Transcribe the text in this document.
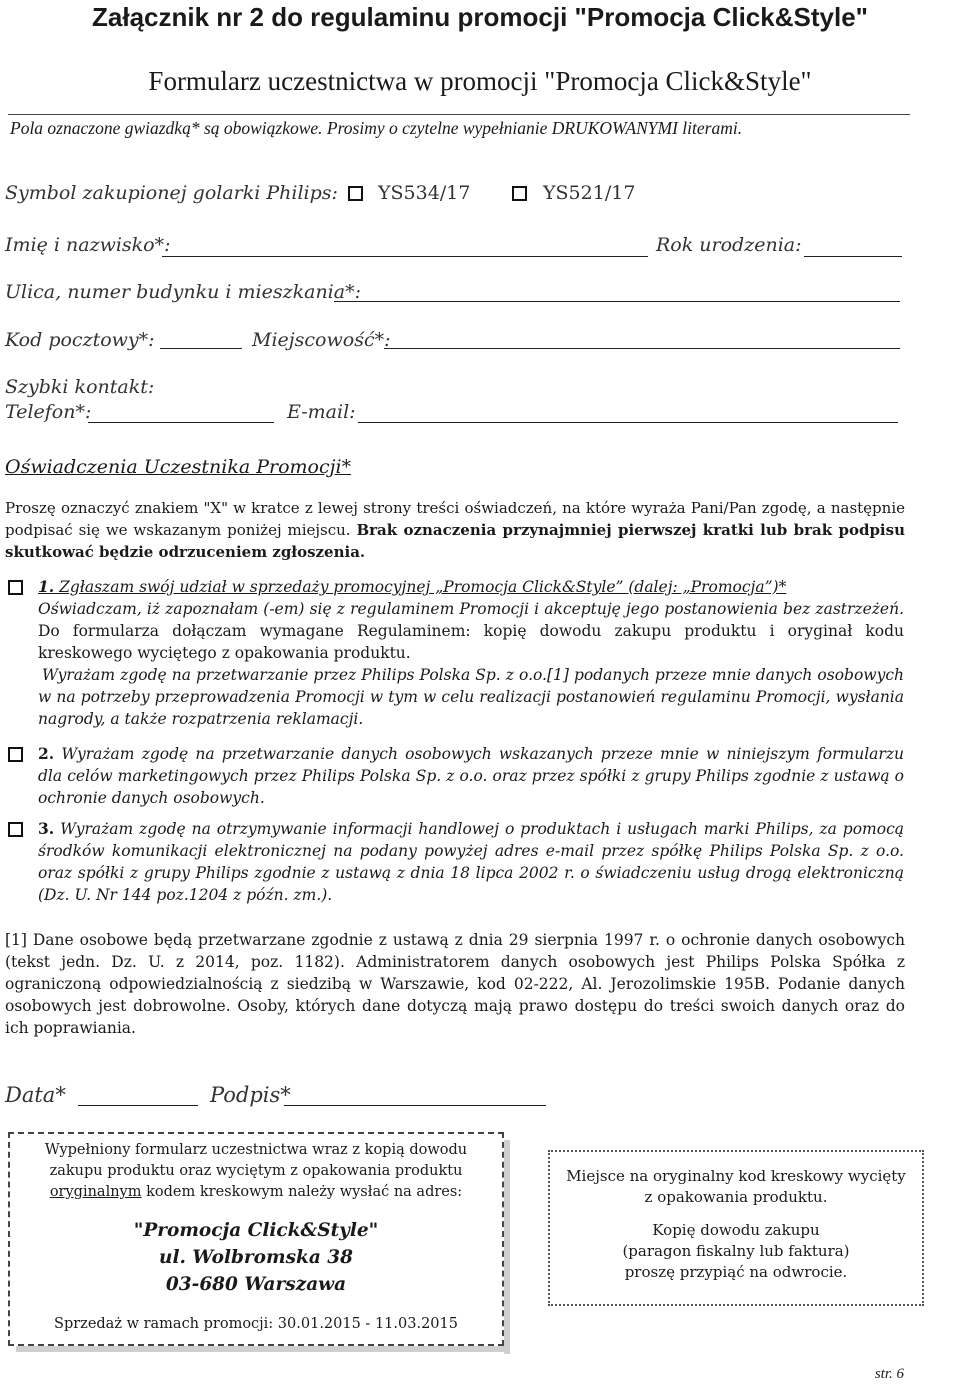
Załącznik nr 2 do regulaminu promocji "Promocja Click&Style"
Formularz uczestnictwa w promocji "Promocja Click&Style"
Pola oznaczone gwiazdką* są obowiązkowe. Prosimy o czytelne wypełnianie DRUKOWANYMI literami.
Symbol zakupionej golarki Philips: YS534/17	YS521/17
Imię i nazwisko*:	Rok urodzenia:
Ulica, numer budynku i mieszkania*:
Kod pocztowy*:	Miejscowość*:
Szybki kontakt:
Telefon*:	E-mail:
Oświadczenia Uczestnika Promocji*
Proszę oznaczyć znakiem "X" w kratce z lewej strony treści oświadczeń, na które wyraża Pani/Pan zgodę, a następnie podpisać się we wskazanym poniżej miejscu. Brak oznaczenia przynajmniej pierwszej kratki lub brak podpisu skutkować będzie odrzuceniem zgłoszenia.
1. Zgłaszam swój udział w sprzedaży promocyjnej „Promocja Click&Style” (dalej: „Promocja”)*
Oświadczam, iż zapoznałam (-em) się z regulaminem Promocji i akceptuję jego postanowienia bez zastrzeżeń. Do formularza dołączam wymagane Regulaminem: kopię dowodu zakupu produktu i oryginał kodu kreskowego wyciętego z opakowania produktu.
Wyrażam zgodę na przetwarzanie przez Philips Polska Sp. z o.o.[1] podanych przeze mnie danych osobowych w na potrzeby przeprowadzenia Promocji w tym w celu realizacji postanowień regulaminu Promocji, wysłania nagrody, a także rozpatrzenia reklamacji.
2. Wyrażam zgodę na przetwarzanie danych osobowych wskazanych przeze mnie w niniejszym formularzu dla celów marketingowych przez Philips Polska Sp. z o.o. oraz przez spółki z grupy Philips zgodnie z ustawą o ochronie danych osobowych.
3. Wyrażam zgodę na otrzymywanie informacji handlowej o produktach i usługach marki Philips, za pomocą środków komunikacji elektronicznej na podany powyżej adres e-mail przez spółkę Philips Polska Sp. z o.o. oraz spółki z grupy Philips zgodnie z ustawą z dnia 18 lipca 2002 r. o świadczeniu usług drogą elektroniczną (Dz. U. Nr 144 poz.1204 z późn. zm.).
[1] Dane osobowe będą przetwarzane zgodnie z ustawą z dnia 29 sierpnia 1997 r. o ochronie danych osobowych (tekst jedn. Dz. U. z 2014, poz. 1182). Administratorem danych osobowych jest Philips Polska Spółka z ograniczoną odpowiedzialnością z siedzibą w Warszawie, kod 02-222, Al. Jerozolimskie 195B. Podanie danych osobowych jest dobrowolne. Osoby, których dane dotyczą mają prawo dostępu do treści swoich danych oraz do ich poprawiania.
Data*	Podpis*
Wypełniony formularz uczestnictwa wraz z kopią dowodu
zakupu produktu oraz wyciętym z opakowania produktu
oryginalnym kodem kreskowym należy wysłać na adres:
"Promocja Click&Style"
ul. Wolbromska 38
03-680 Warszawa
Sprzedaż w ramach promocji: 30.01.2015 - 11.03.2015
Miejsce na oryginalny kod kreskowy wycięty
z opakowania produktu.
Kopię dowodu zakupu
(paragon fiskalny lub faktura)
proszę przypiąć na odwrocie.
str. 6
